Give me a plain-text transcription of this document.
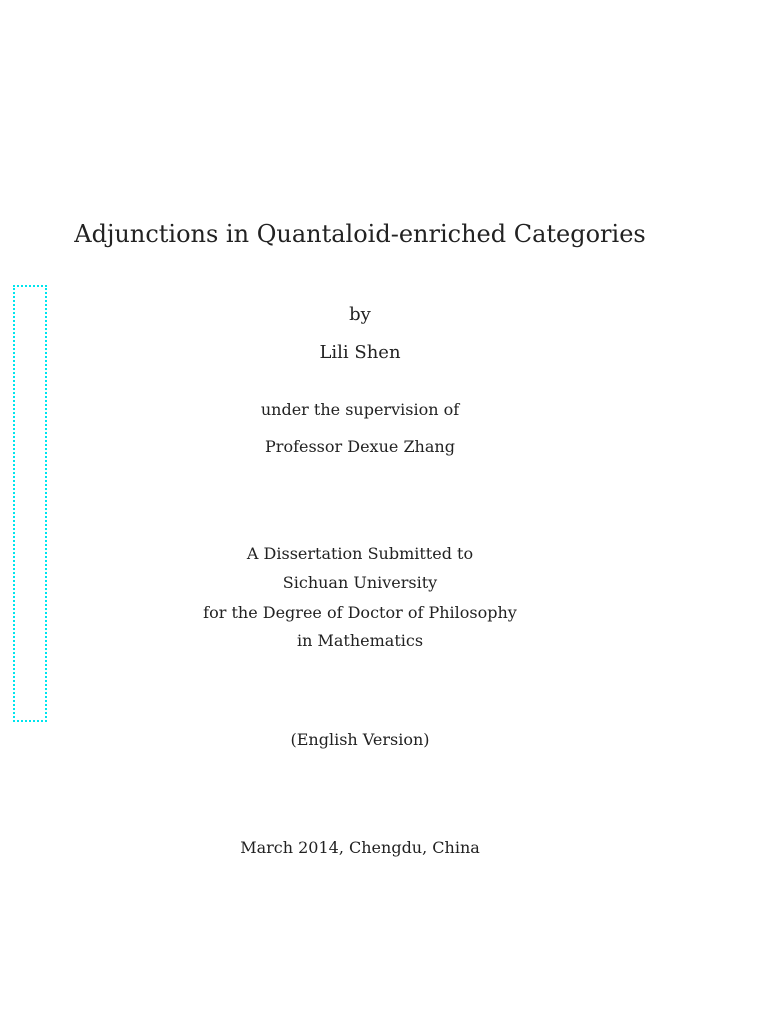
Adjunctions in Quantaloid-enriched Categories
by
Lili Shen
under the supervision of
Professor Dexue Zhang
A Dissertation Submitted to
Sichuan University
for the Degree of Doctor of Philosophy
in Mathematics
(English Version)
March 2014, Chengdu, China
